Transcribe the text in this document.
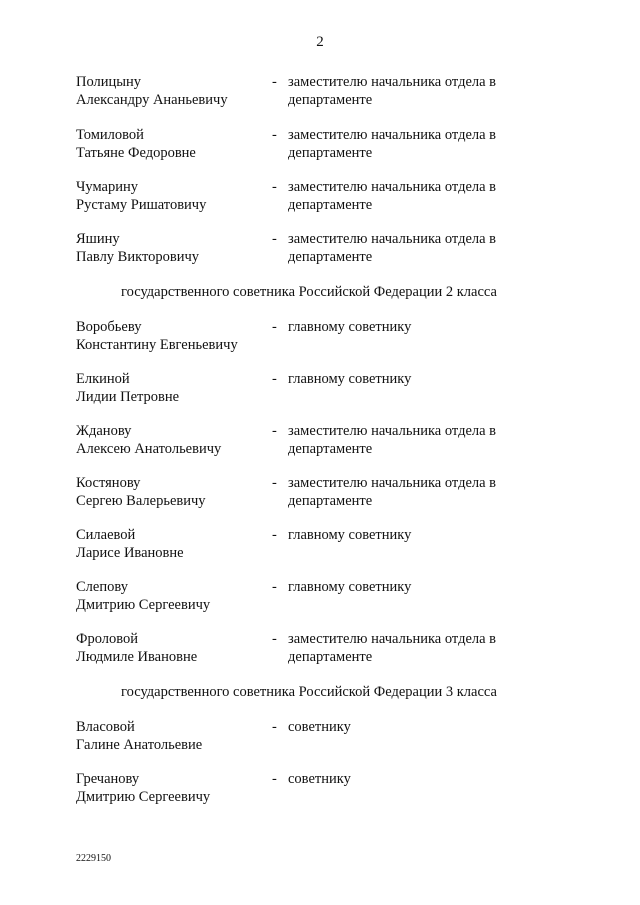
2
Полицыну
Александру Ананьевичу
- заместителю начальника отдела в
департаменте
Томиловой
Татьяне Федоровне
- заместителю начальника отдела в
департаменте
Чумарину
Рустаму Ришатовичу
- заместителю начальника отдела в
департаменте
Яшину
Павлу Викторовичу
- заместителю начальника отдела в
департаменте
государственного советника Российской Федерации 2 класса
Воробьеву
Константину Евгеньевичу
- главному советнику
Елкиной
Лидии Петровне
- главному советнику
Жданову
Алексею Анатольевичу
- заместителю начальника отдела в
департаменте
Костянову
Сергею Валерьевичу
- заместителю начальника отдела в
департаменте
Силаевой
Ларисе Ивановне
- главному советнику
Слепову
Дмитрию Сергеевичу
- главному советнику
Фроловой
Людмиле Ивановне
- заместителю начальника отдела в
департаменте
государственного советника Российской Федерации 3 класса
Власовой
Галине Анатольевие
- советнику
Гречанову
Дмитрию Сергеевичу
- советнику
2229150
